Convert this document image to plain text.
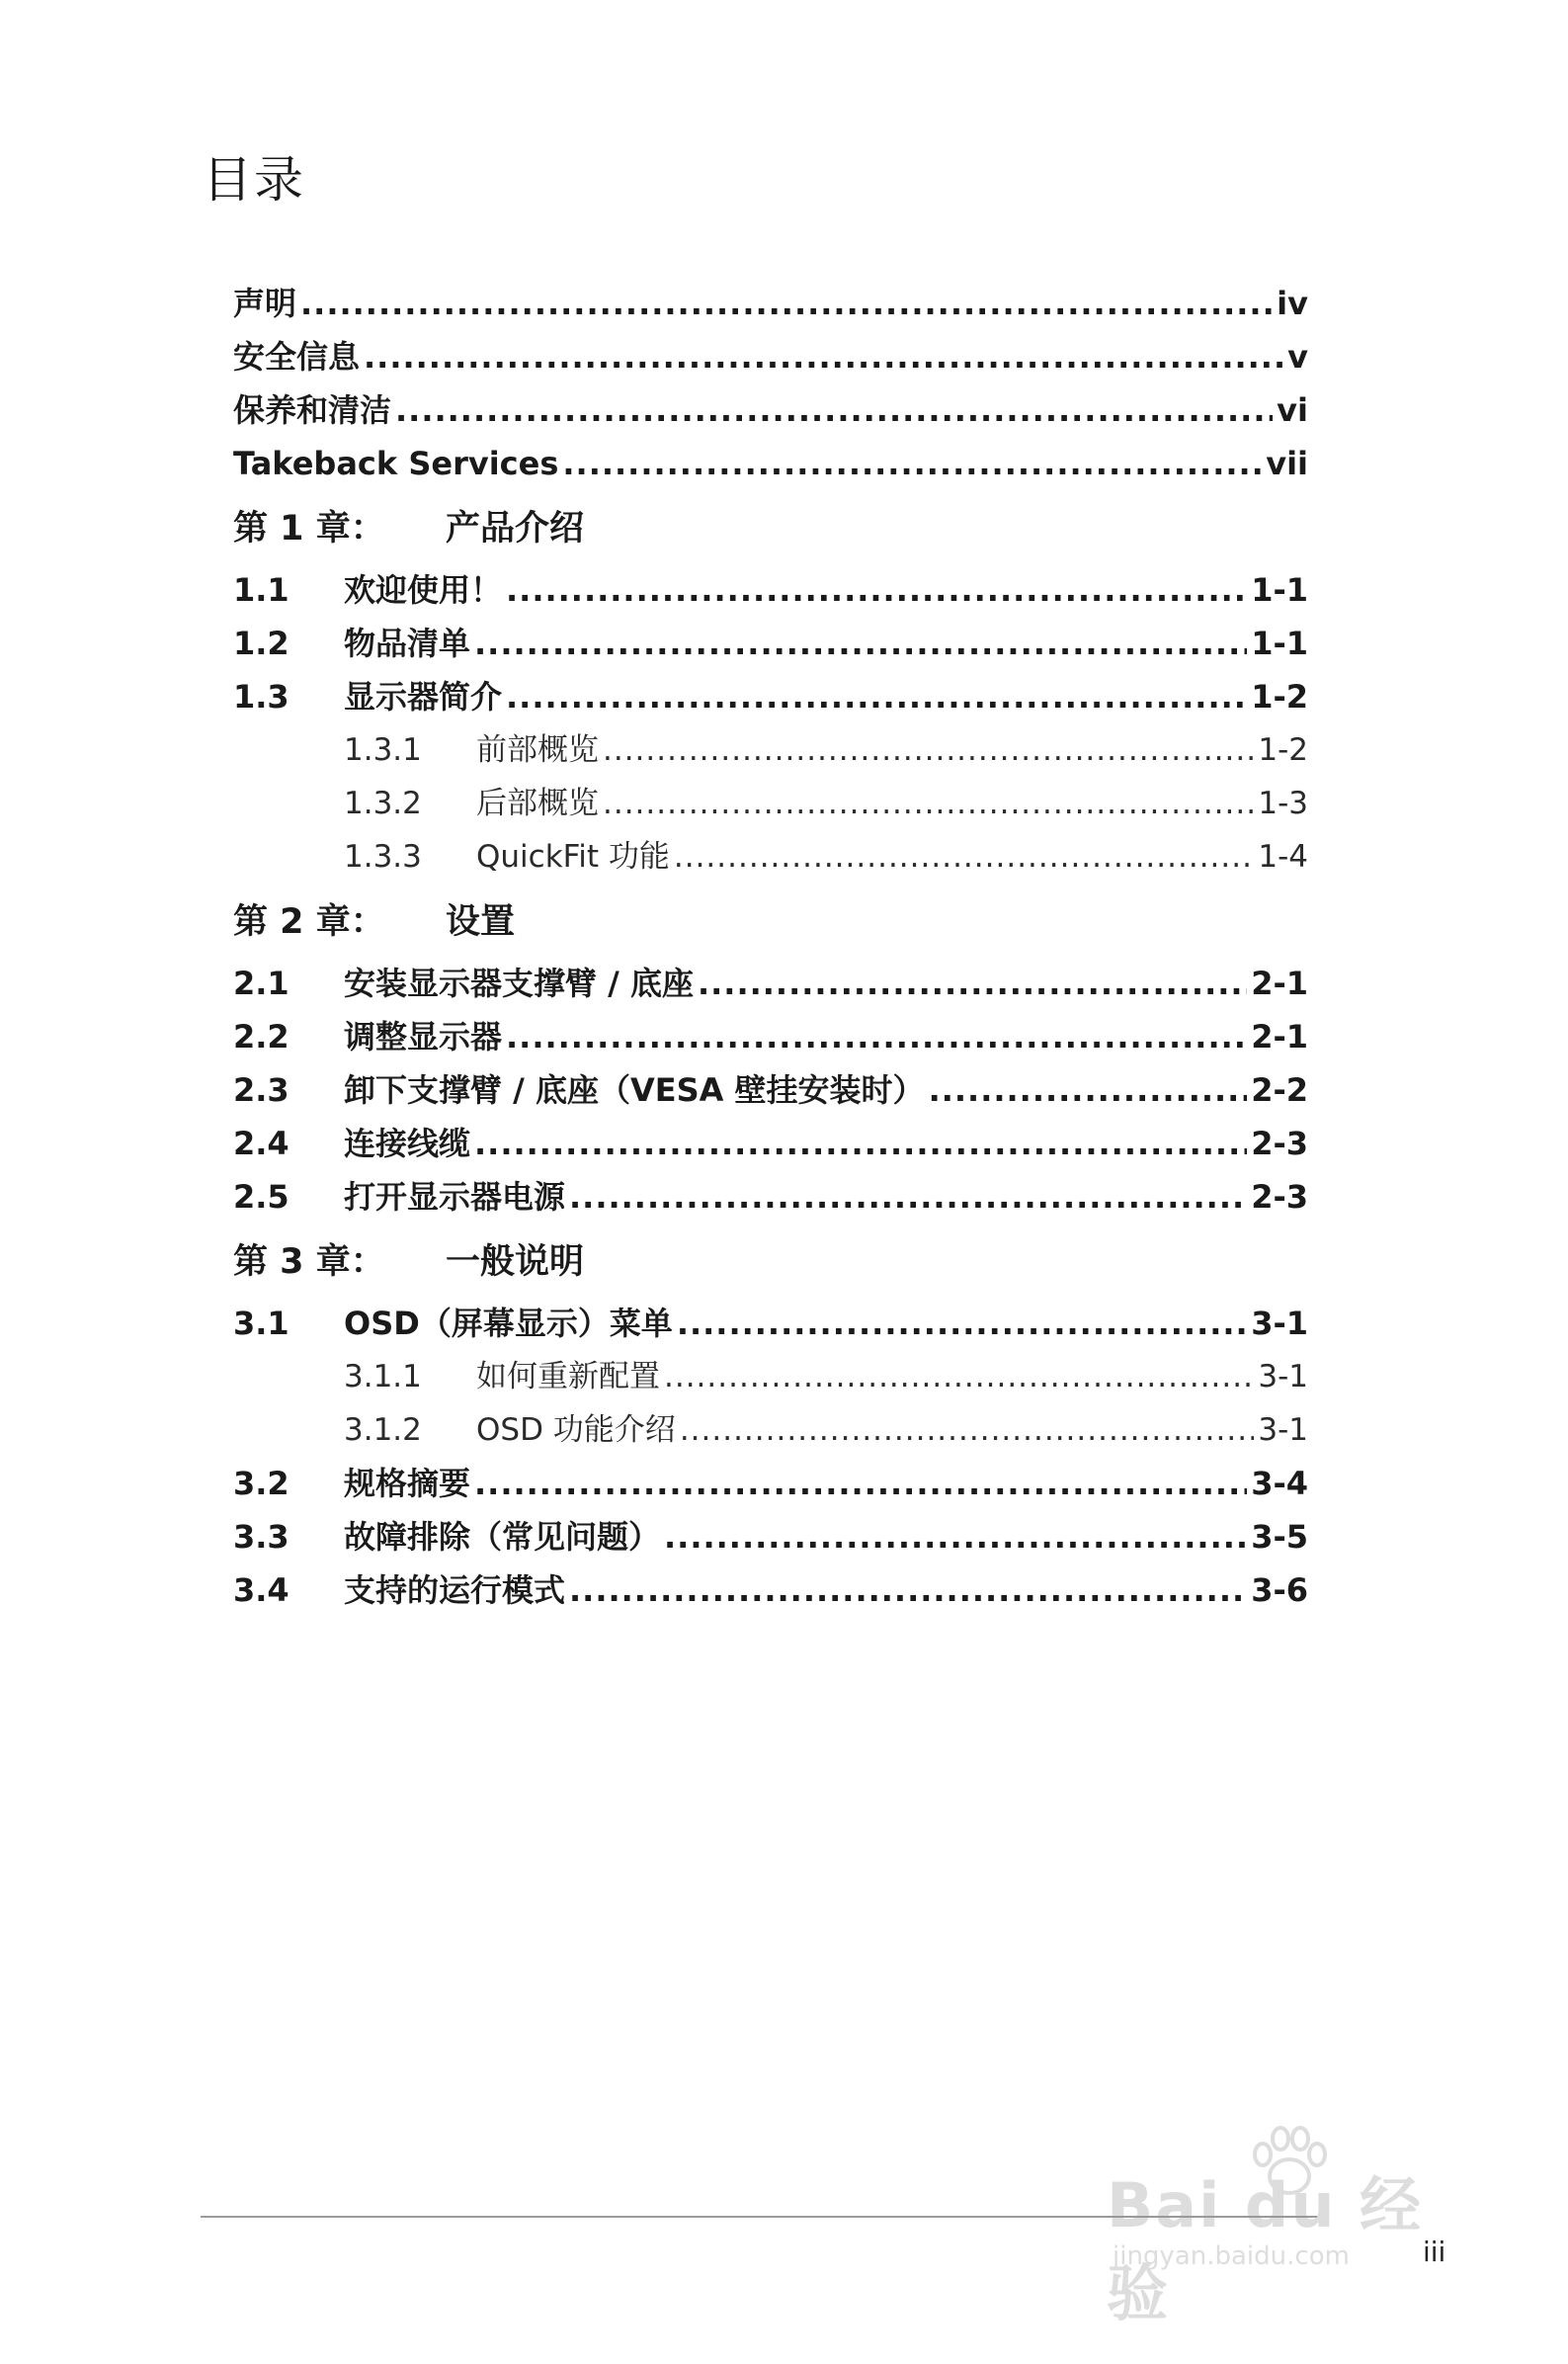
目录
声明 .....	iv
安全信息 .....	v
保养和清洁 .....	vi
Takeback Services .....	vii
第 1 章：	产品介绍
1.1	欢迎使用！ .....	1-1
1.2	物品清单 .....	1-1
1.3	显示器简介 .....	1-2
1.3.1	前部概览 .....	1-2
1.3.2	后部概览 .....	1-3
1.3.3	QuickFit 功能 .....	1-4
第 2 章：	设置
2.1	安装显示器支撑臂 / 底座 .....	2-1
2.2	调整显示器 .....	2-1
2.3	卸下支撑臂 / 底座（VESA 壁挂安装时） .....	2-2
2.4	连接线缆 .....	2-3
2.5	打开显示器电源 .....	2-3
第 3 章：	一般说明
3.1	OSD（屏幕显示）菜单 .....	3-1
3.1.1	如何重新配置 .....	3-1
3.1.2	OSD 功能介绍 .....	3-1
3.2	规格摘要 .....	3-4
3.3	故障排除（常见问题） .....	3-5
3.4	支持的运行模式 .....	3-6
Bai du 经验
jingyan.baidu.com	iii
